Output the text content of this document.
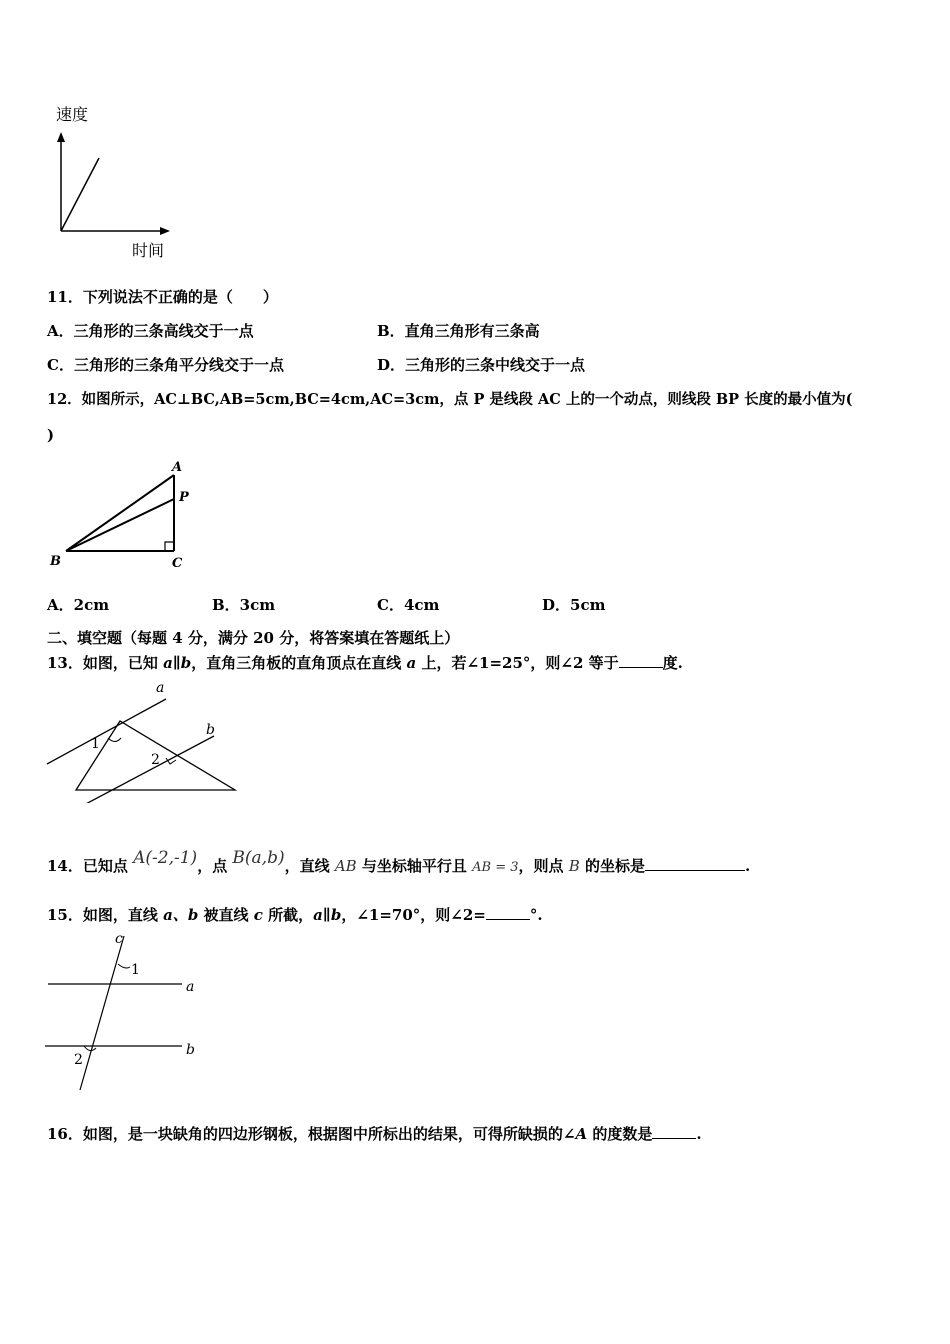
速度
时间
11．下列说法不正确的是（　　）
A．三角形的三条高线交于一点	B．直角三角形有三条高
C．三角形的三条角平分线交于一点	D．三角形的三条中线交于一点
12．如图所示，AC⊥BC,AB=5cm,BC=4cm,AC=3cm，点 P 是线段 AC 上的一个动点，则线段 BP 长度的最小值为(
)
A
P
B	C
A．2cm	B．3cm	C．4cm	D．5cm
二、填空题（每题 4 分，满分 20 分，将答案填在答题纸上）
13．如图，已知 a∥b，直角三角板的直角顶点在直线 a 上，若∠1=25°，则∠2 等于	度.
a
b
1
2
14．已知点 A(-2,-1)，点 B(a,b)，直线 AB 与坐标轴平行且 AB = 3，则点 B 的坐标是	.
15．如图，直线 a、b 被直线 c 所截，a∥b，∠1=70°，则∠2=	°.
c
1
a
b
2
16．如图，是一块缺角的四边形钢板，根据图中所标出的结果，可得所缺损的∠A 的度数是	.
